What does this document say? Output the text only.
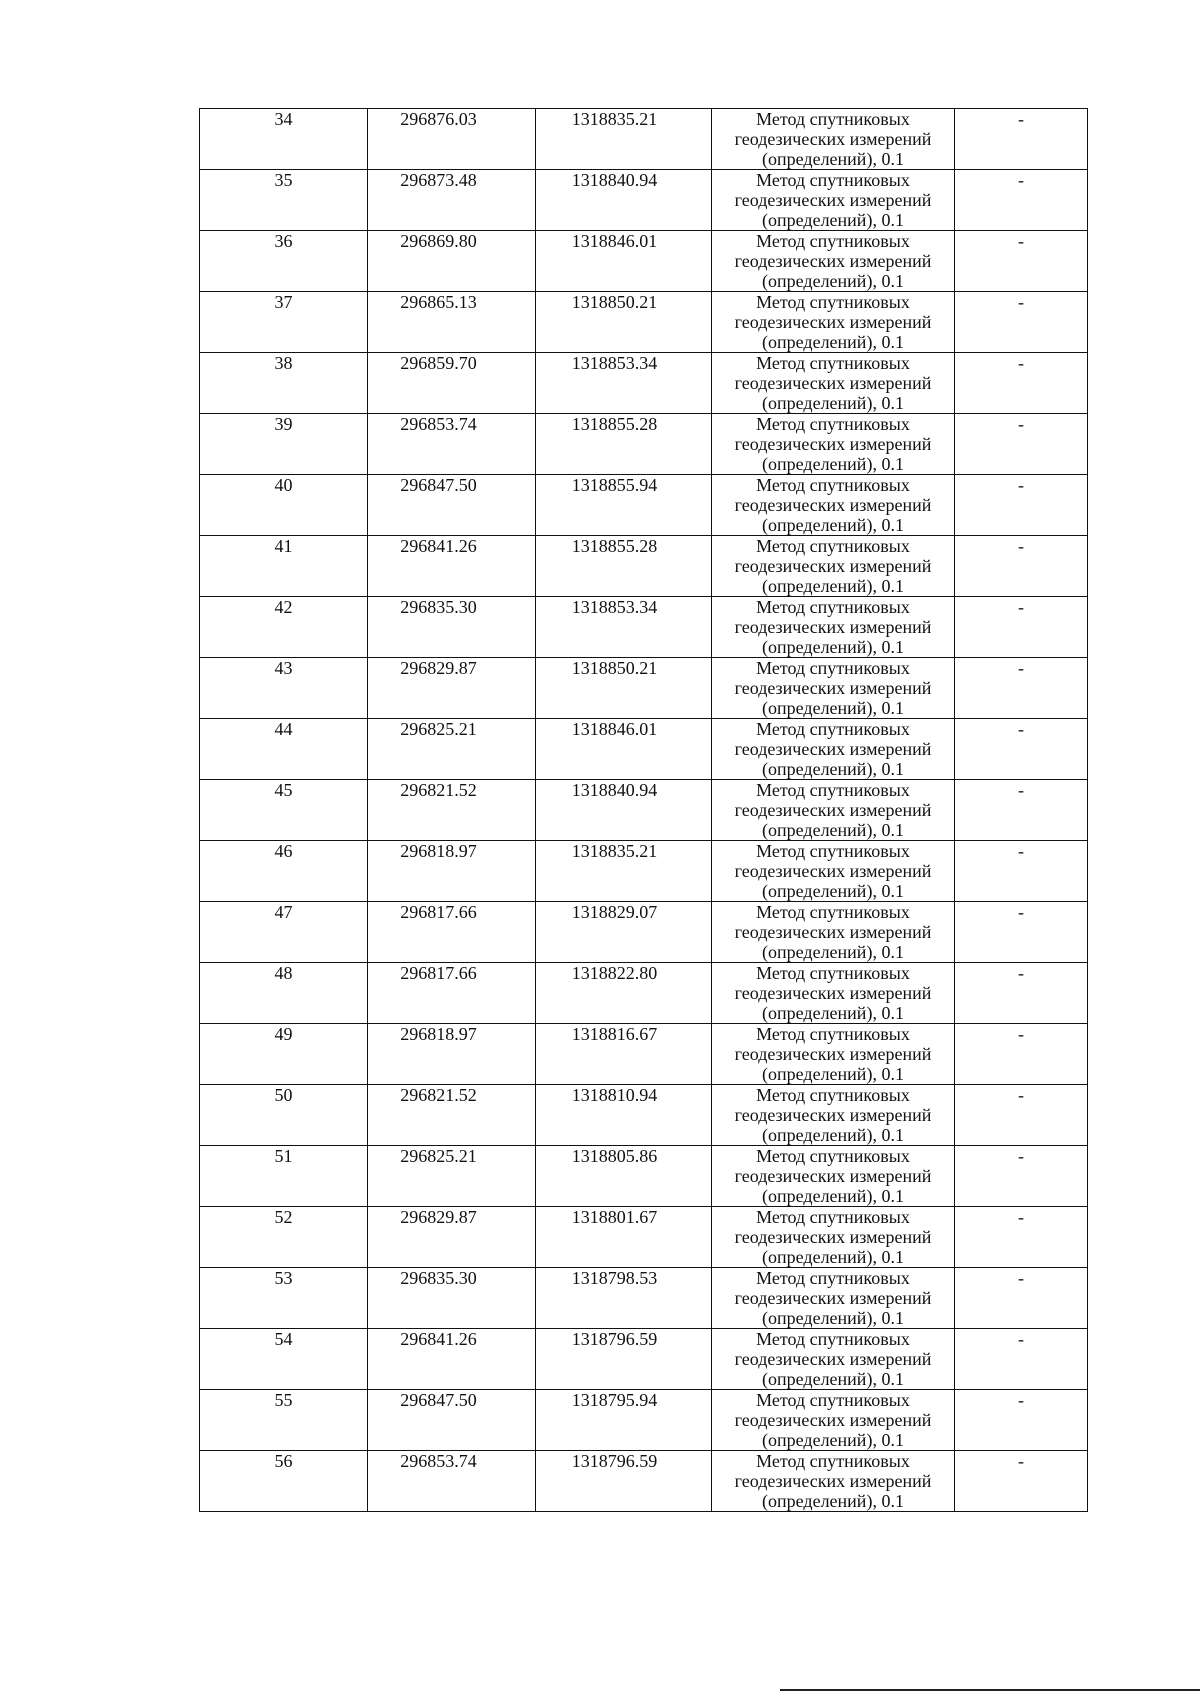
34	296876.03	1318835.21	Метод спутниковых геодезических измерений (определений), 0.1	-
35	296873.48	1318840.94	Метод спутниковых геодезических измерений (определений), 0.1	-
36	296869.80	1318846.01	Метод спутниковых геодезических измерений (определений), 0.1	-
37	296865.13	1318850.21	Метод спутниковых геодезических измерений (определений), 0.1	-
38	296859.70	1318853.34	Метод спутниковых геодезических измерений (определений), 0.1	-
39	296853.74	1318855.28	Метод спутниковых геодезических измерений (определений), 0.1	-
40	296847.50	1318855.94	Метод спутниковых геодезических измерений (определений), 0.1	-
41	296841.26	1318855.28	Метод спутниковых геодезических измерений (определений), 0.1	-
42	296835.30	1318853.34	Метод спутниковых геодезических измерений (определений), 0.1	-
43	296829.87	1318850.21	Метод спутниковых геодезических измерений (определений), 0.1	-
44	296825.21	1318846.01	Метод спутниковых геодезических измерений (определений), 0.1	-
45	296821.52	1318840.94	Метод спутниковых геодезических измерений (определений), 0.1	-
46	296818.97	1318835.21	Метод спутниковых геодезических измерений (определений), 0.1	-
47	296817.66	1318829.07	Метод спутниковых геодезических измерений (определений), 0.1	-
48	296817.66	1318822.80	Метод спутниковых геодезических измерений (определений), 0.1	-
49	296818.97	1318816.67	Метод спутниковых геодезических измерений (определений), 0.1	-
50	296821.52	1318810.94	Метод спутниковых геодезических измерений (определений), 0.1	-
51	296825.21	1318805.86	Метод спутниковых геодезических измерений (определений), 0.1	-
52	296829.87	1318801.67	Метод спутниковых геодезических измерений (определений), 0.1	-
53	296835.30	1318798.53	Метод спутниковых геодезических измерений (определений), 0.1	-
54	296841.26	1318796.59	Метод спутниковых геодезических измерений (определений), 0.1	-
55	296847.50	1318795.94	Метод спутниковых геодезических измерений (определений), 0.1	-
56	296853.74	1318796.59	Метод спутниковых геодезических измерений (определений), 0.1	-
